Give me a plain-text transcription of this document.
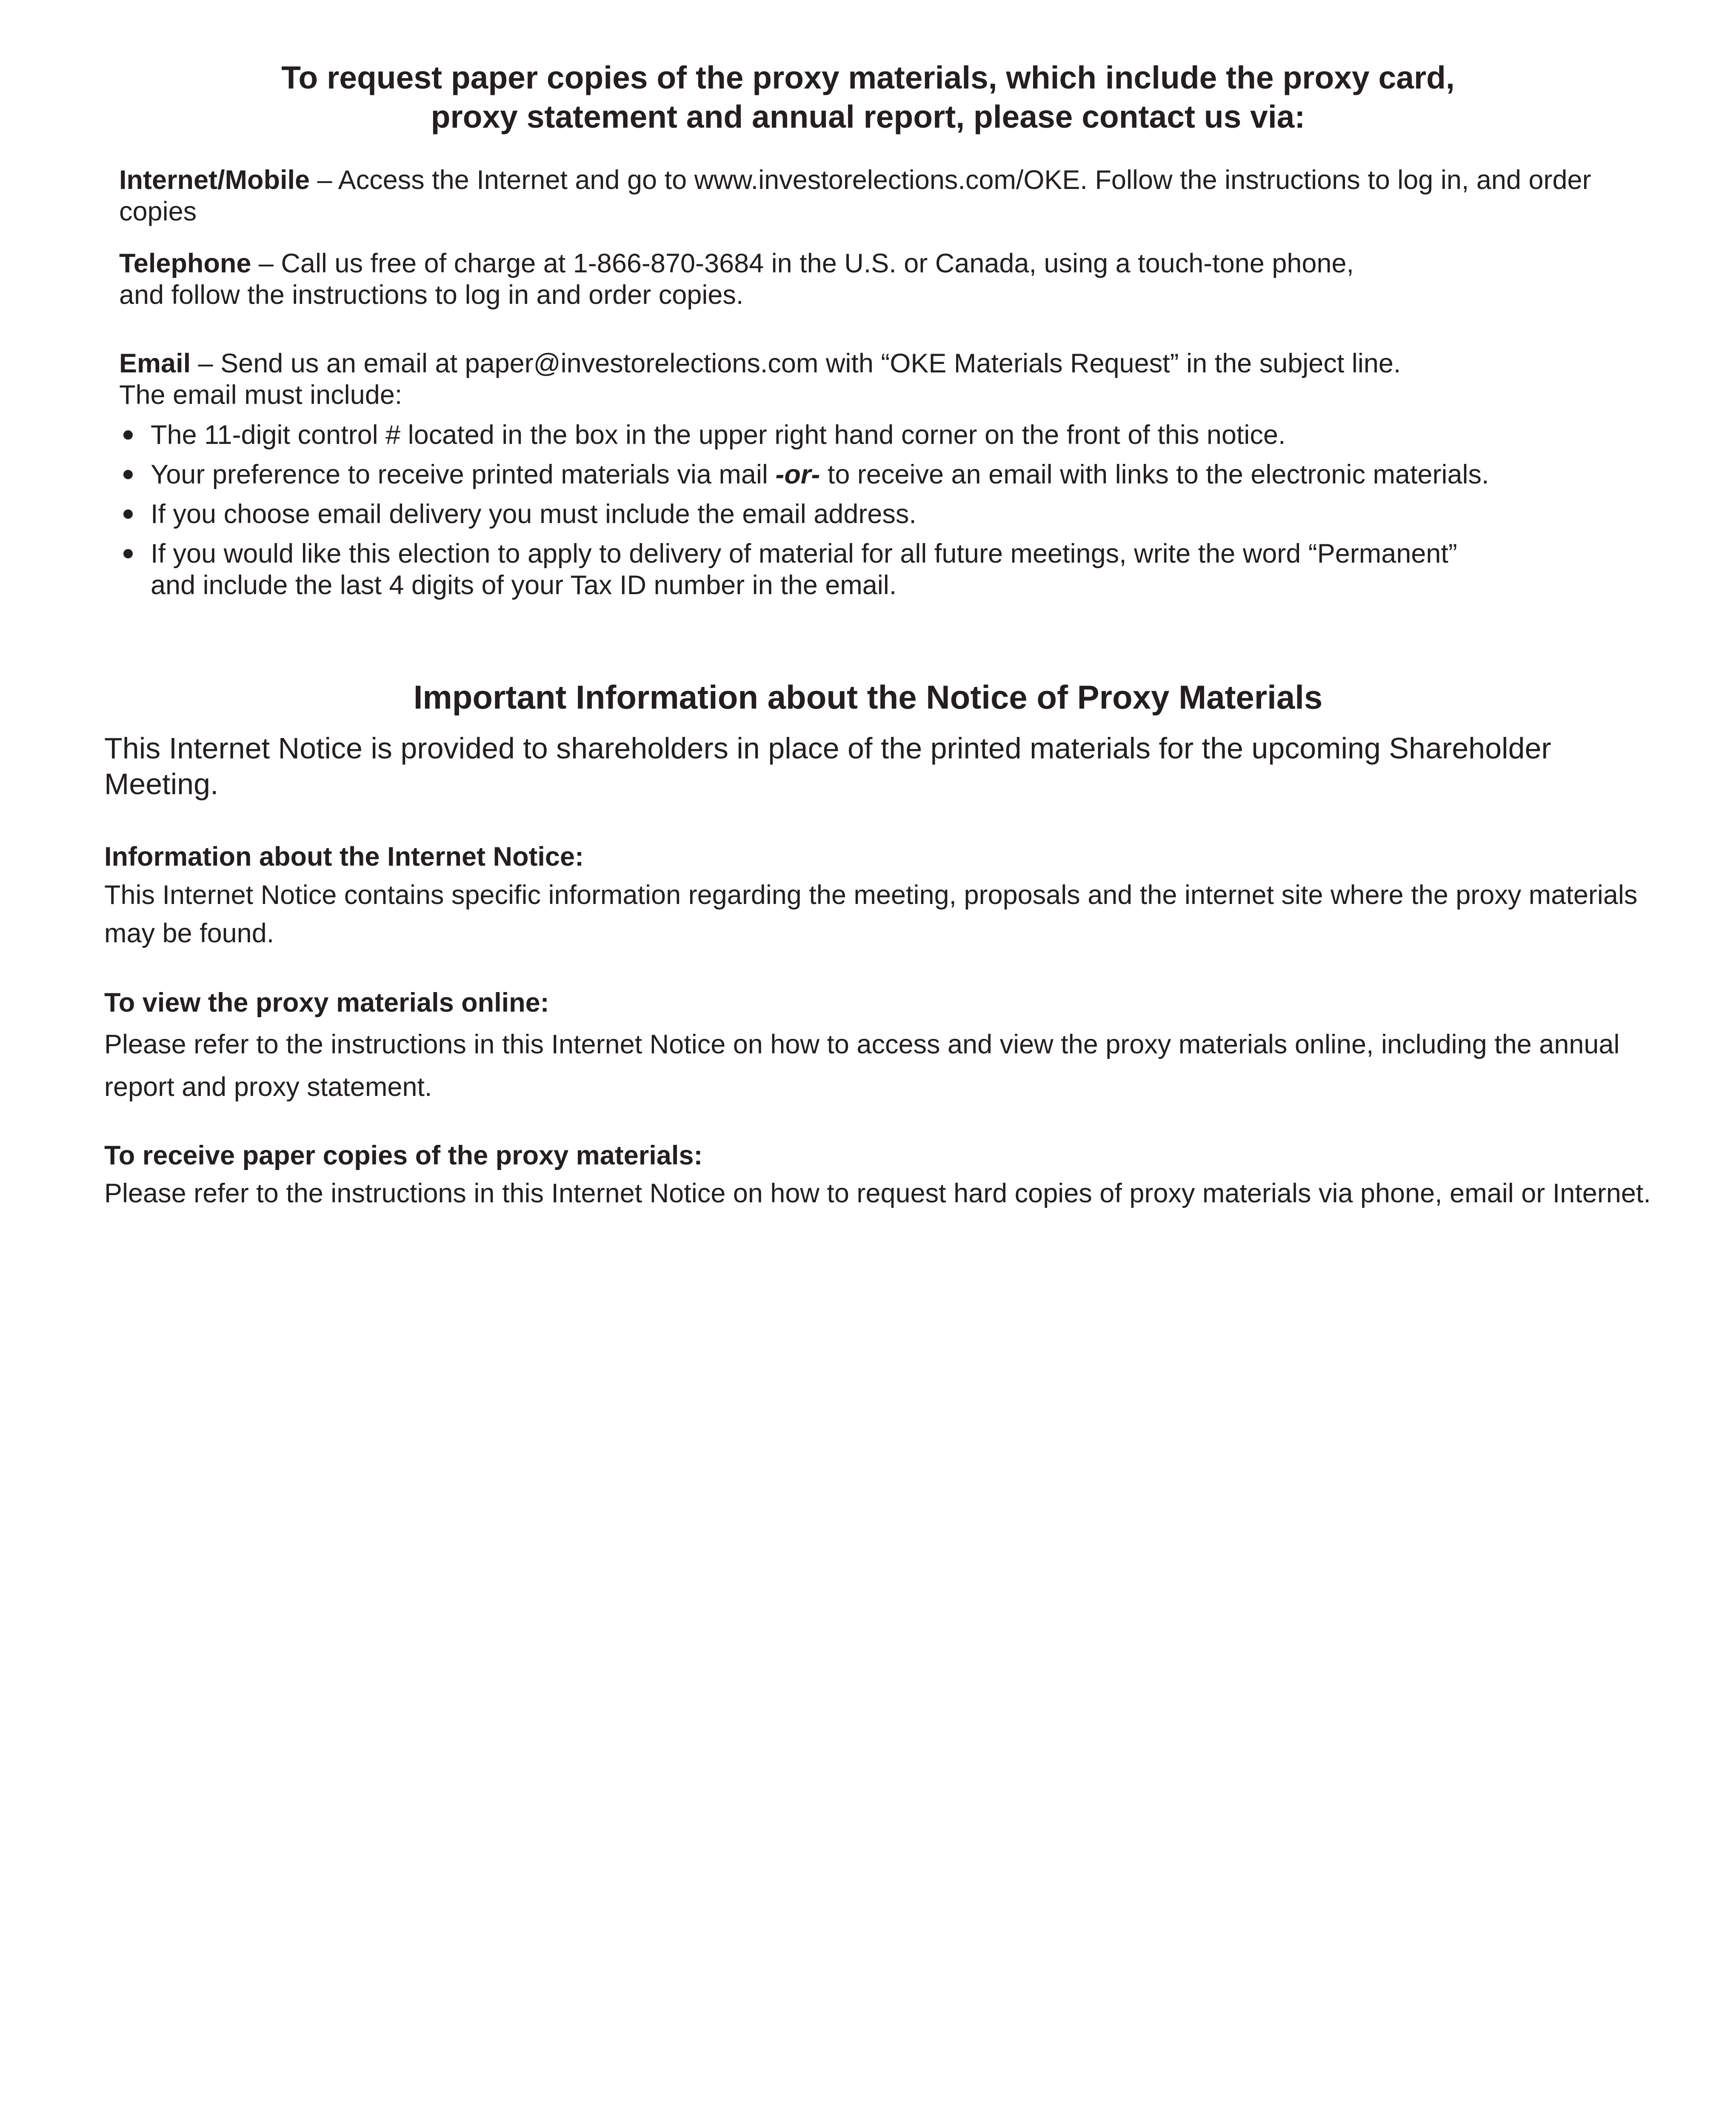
To request paper copies of the proxy materials, which include the proxy card,
proxy statement and annual report, please contact us via:
Internet/Mobile – Access the Internet and go to www.investorelections.com/OKE. Follow the instructions to log in, and order copies
Telephone – Call us free of charge at 1-866-870-3684 in the U.S. or Canada, using a touch-tone phone,
and follow the instructions to log in and order copies.
Email – Send us an email at paper@investorelections.com with “OKE Materials Request” in the subject line.
The email must include:
The 11-digit control # located in the box in the upper right hand corner on the front of this notice.
Your preference to receive printed materials via mail -or- to receive an email with links to the electronic materials.
If you choose email delivery you must include the email address.
If you would like this election to apply to delivery of material for all future meetings, write the word “Permanent”
and include the last 4 digits of your Tax ID number in the email.
Important Information about the Notice of Proxy Materials
This Internet Notice is provided to shareholders in place of the printed materials for the upcoming Shareholder Meeting.
Information about the Internet Notice:
This Internet Notice contains specific information regarding the meeting, proposals and the internet site where the proxy materials may be found.
To view the proxy materials online:
Please refer to the instructions in this Internet Notice on how to access and view the proxy materials online, including the annual report and proxy statement.
To receive paper copies of the proxy materials:
Please refer to the instructions in this Internet Notice on how to request hard copies of proxy materials via phone, email or Internet.
